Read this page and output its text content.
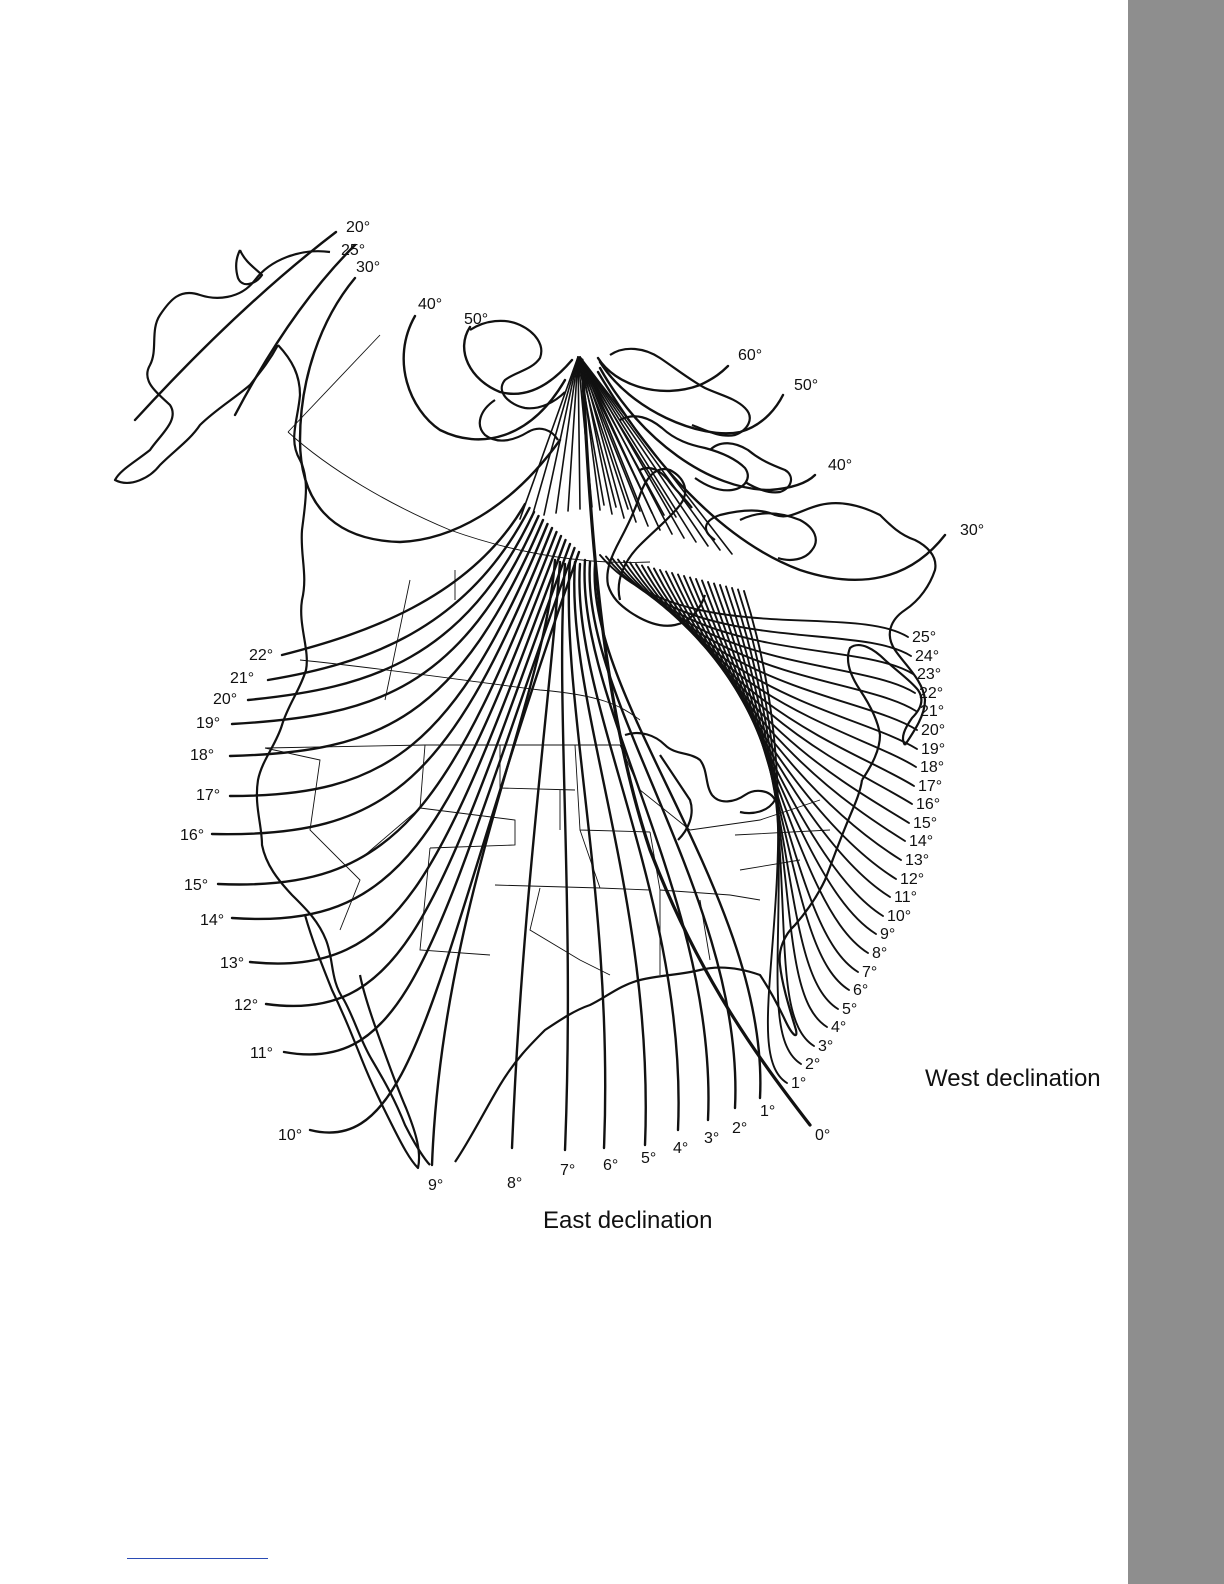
20°
25°
30°
40°
50°
60°
50°
40°
30°
22°
21°
20°
19°
18°
17°
16°
15°
14°
13°
12°
11°
10°
9°	8°
7° 6° 5°
4°
3°
2°
1°
0°
25°
24°
23°
22°
21°
20°
19°
18°
17°
16°
15°
14°
13°
12°
11°
10°
9°
8°
7°
6°
5°
4°
3°
2°
1°	West declination
East declination
